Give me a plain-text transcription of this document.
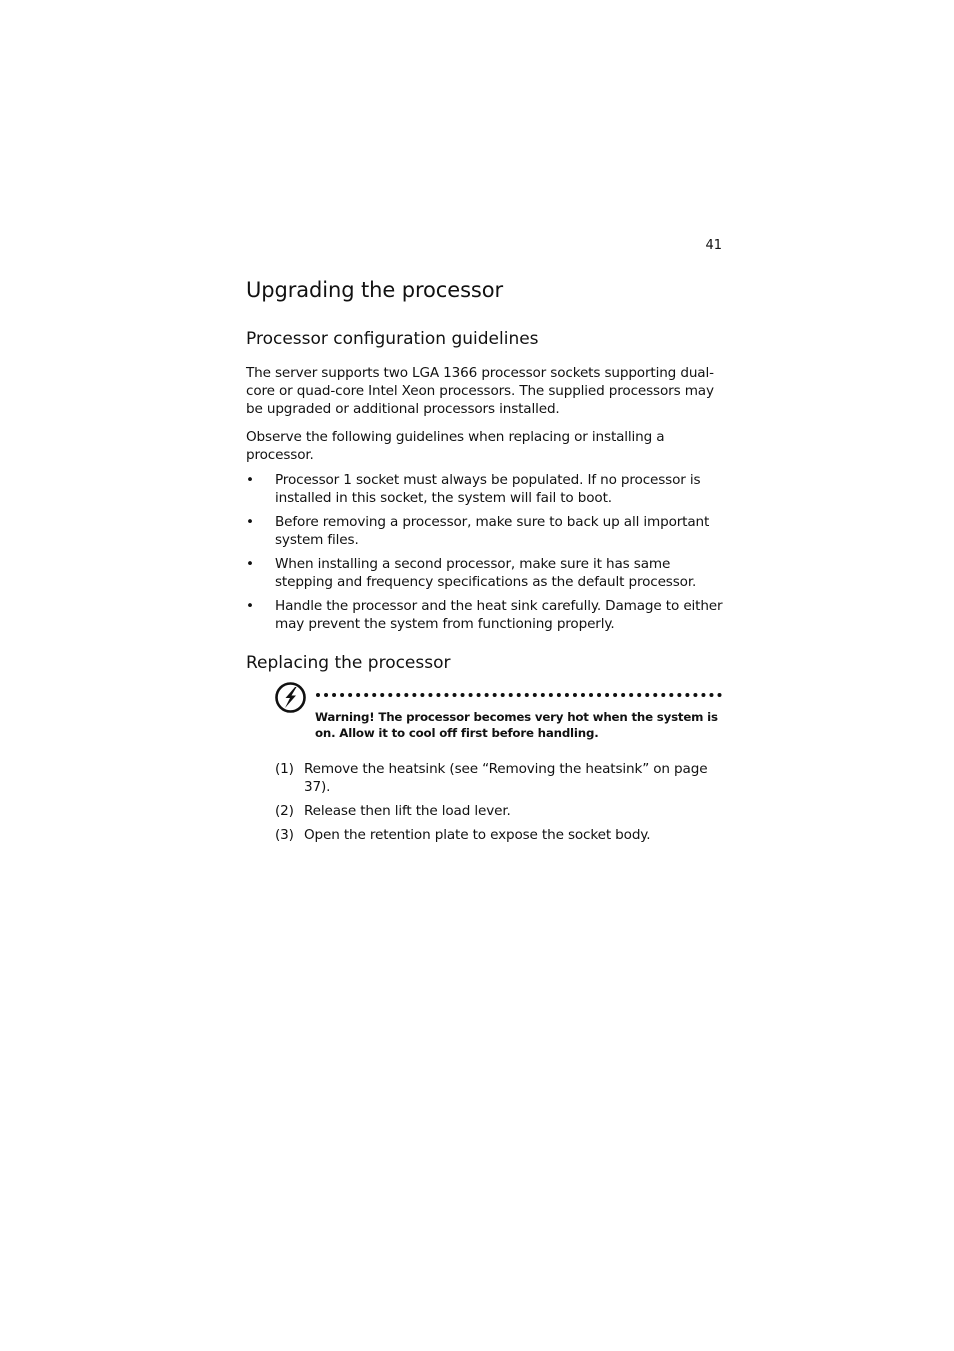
41
Upgrading the processor
Processor configuration guidelines

The server supports two LGA 1366 processor sockets supporting dual-core or quad-core Intel Xeon processors. The supplied processors may be upgraded or additional processors installed.

Observe the following guidelines when replacing or installing a processor.

• Processor 1 socket must always be populated. If no processor is installed in this socket, the system will fail to boot.
• Before removing a processor, make sure to back up all important system files.
• When installing a second processor, make sure it has same stepping and frequency specifications as the default processor.
• Handle the processor and the heat sink carefully. Damage to either may prevent the system from functioning properly.
Replacing the processor

Warning! The processor becomes very hot when the system is on. Allow it to cool off first before handling.

(1) Remove the heatsink (see “Removing the heatsink” on page 37).
(2) Release then lift the load lever.
(3) Open the retention plate to expose the socket body.
